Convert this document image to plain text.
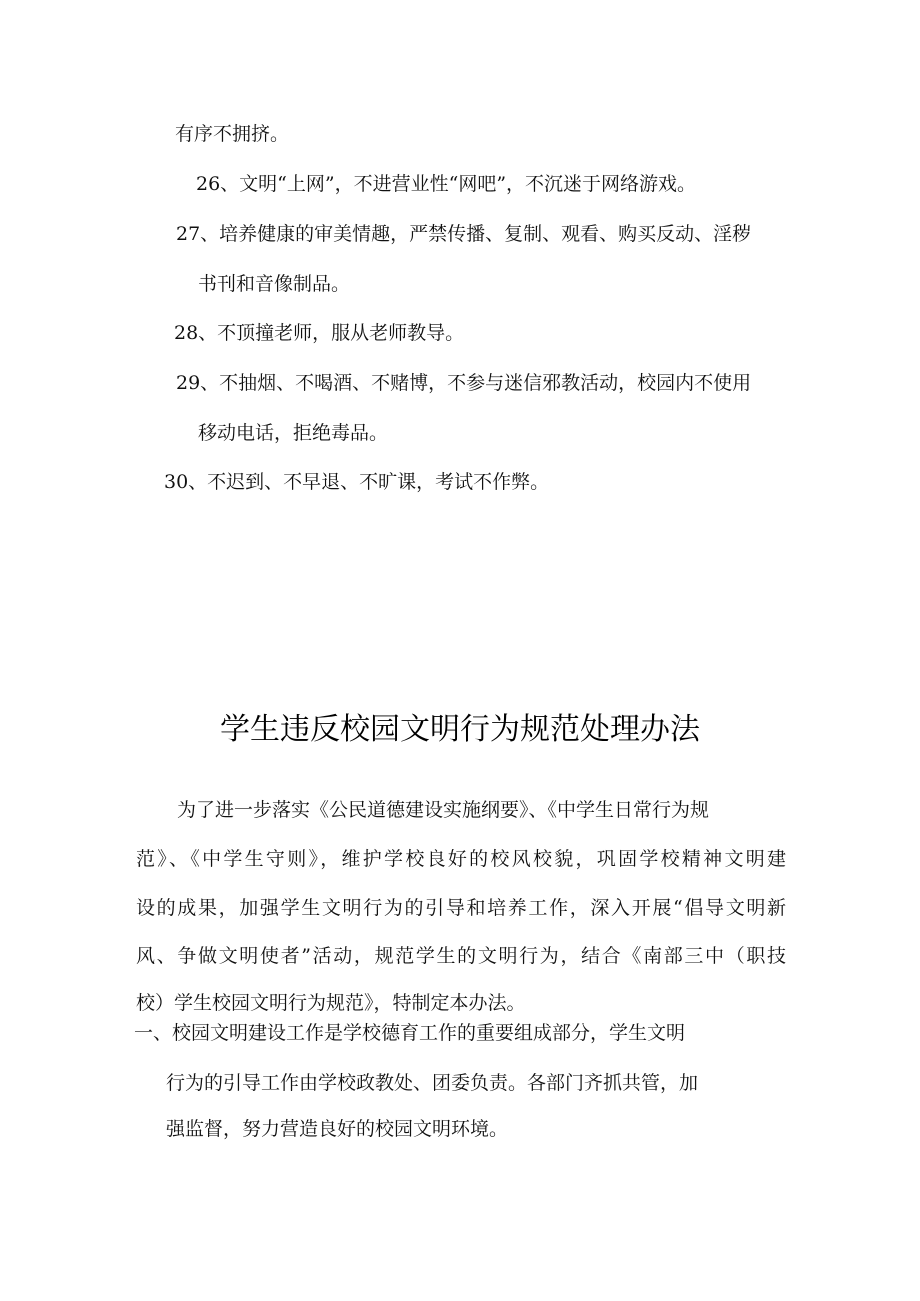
有序不拥挤。
26、文明“上网”，不进营业性“网吧”，不沉迷于网络游戏。
27、培养健康的审美情趣，严禁传播、复制、观看、购买反动、淫秽
书刊和音像制品。
28、不顶撞老师，服从老师教导。
29、不抽烟、不喝酒、不赌博，不参与迷信邪教活动，校园内不使用
移动电话，拒绝毒品。
30、不迟到、不早退、不旷课，考试不作弊。
学生违反校园文明行为规范处理办法
为了进一步落实《公民道德建设实施纲要》、《中学生日常行为规
范》、《中学生守则》，维护学校良好的校风校貌，巩固学校精神文明建
设的成果，加强学生文明行为的引导和培养工作，深入开展“倡导文明新
风、争做文明使者”活动，规范学生的文明行为，结合《南部三中（职技
校）学生校园文明行为规范》，特制定本办法。
一、校园文明建设工作是学校德育工作的重要组成部分，学生文明
行为的引导工作由学校政教处、团委负责。各部门齐抓共管，加
强监督，努力营造良好的校园文明环境。
